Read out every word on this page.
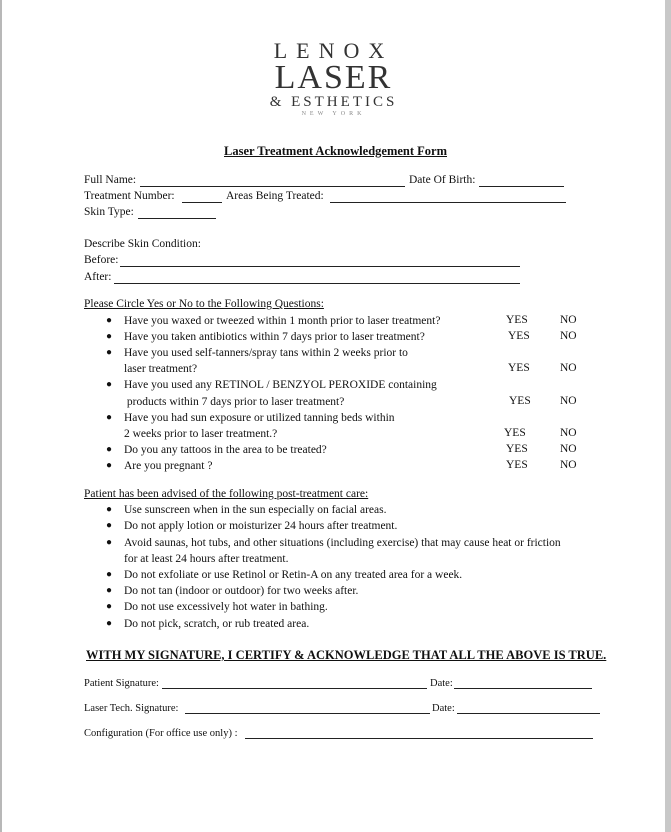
LENOX
LASER
& ESTHETICS
NEW YORK
Laser Treatment Acknowledgement Form
Full Name:	Date Of Birth:
Treatment Number:	Areas Being Treated:
Skin Type:
Describe Skin Condition:
Before:
After:
Please Circle Yes or No to the Following Questions:
● Have you waxed or tweezed within 1 month prior to laser treatment?	YES	NO
● Have you taken antibiotics within 7 days prior to laser treatment?	YES	NO
● Have you used self-tanners/spray tans within 2 weeks prior to
laser treatment?	YES	NO
● Have you used any RETINOL / BENZYOL PEROXIDE containing
products within 7 days prior to laser treatment?	YES	NO
● Have you had sun exposure or utilized tanning beds within
2 weeks prior to laser treatment.?	YES	NO
● Do you any tattoos in the area to be treated?	YES	NO
● Are you pregnant ?	YES	NO
Patient has been advised of the following post-treatment care:
● Use sunscreen when in the sun especially on facial areas.
● Do not apply lotion or moisturizer 24 hours after treatment.
● Avoid saunas, hot tubs, and other situations (including exercise) that may cause heat or friction
for at least 24 hours after treatment.
● Do not exfoliate or use Retinol or Retin-A on any treated area for a week.
● Do not tan (indoor or outdoor) for two weeks after.
● Do not use excessively hot water in bathing.
● Do not pick, scratch, or rub treated area.
WITH MY SIGNATURE, I CERTIFY & ACKNOWLEDGE THAT ALL THE ABOVE IS TRUE.
Patient Signature:	Date:
Laser Tech. Signature:	Date:
Configuration (For office use only) :
